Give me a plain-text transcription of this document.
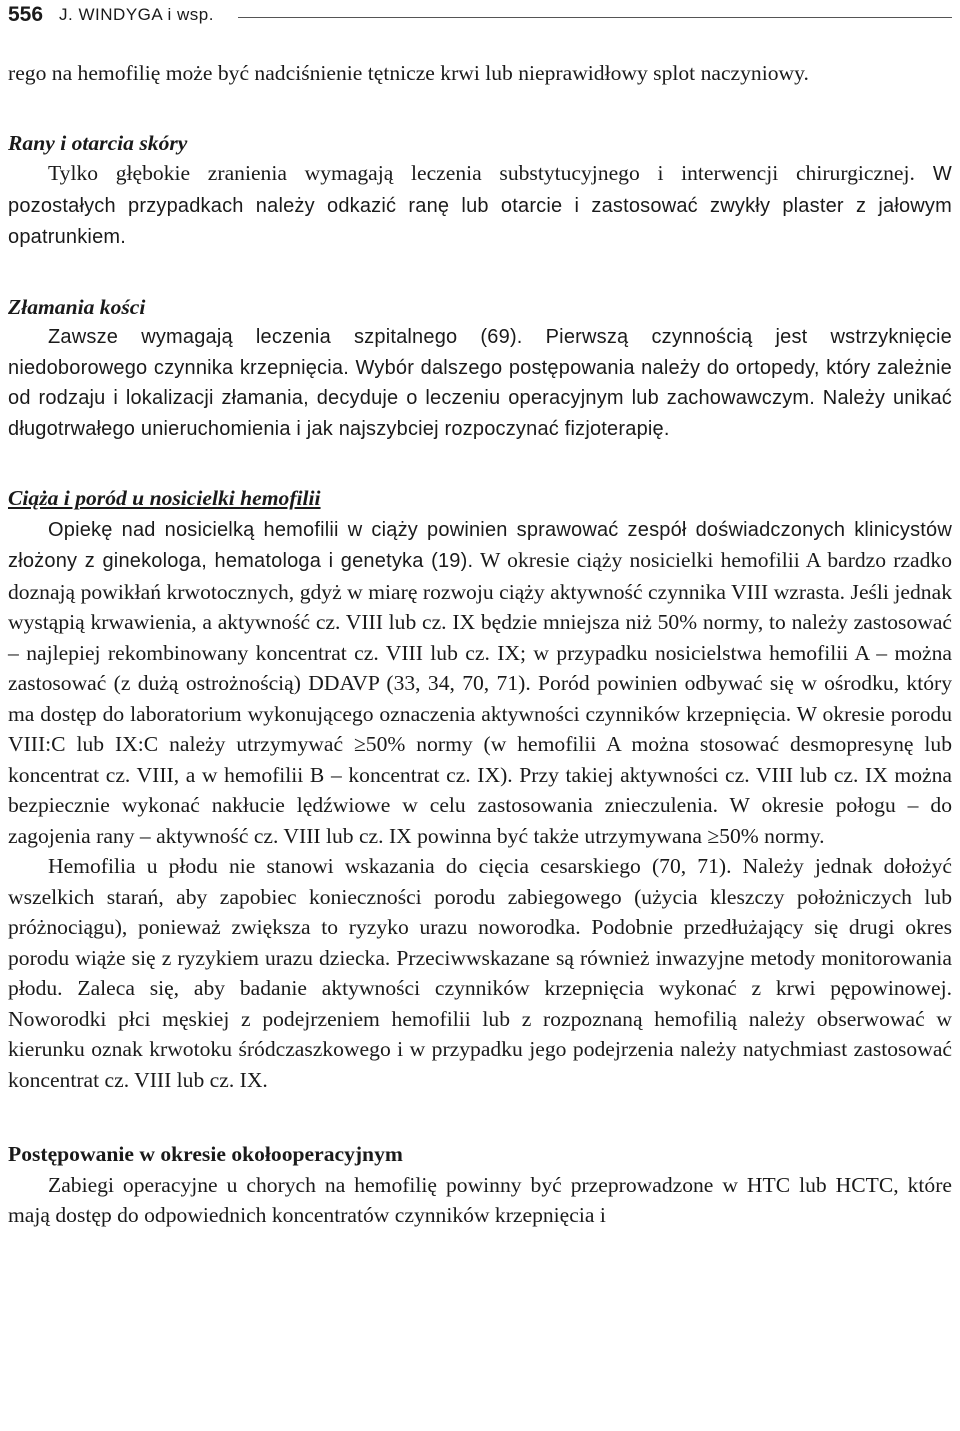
556 J. WINDYGA i wsp.

rego na hemofilię może być nadciśnienie tętnicze krwi lub nieprawidłowy splot naczyniowy.

Rany i otarcia skóry

Tylko głębokie zranienia wymagają leczenia substytucyjnego i interwencji chirurgicznej. W pozostałych przypadkach należy odkazić ranę lub otarcie i zastosować zwykły plaster z jałowym opatrunkiem.

Złamania kości

Zawsze wymagają leczenia szpitalnego (69). Pierwszą czynnością jest wstrzyknięcie niedoborowego czynnika krzepnięcia. Wybór dalszego postępowania należy do ortopedy, który zależnie od rodzaju i lokalizacji złamania, decyduje o leczeniu operacyjnym lub zachowawczym. Należy unikać długotrwałego unieruchomienia i jak najszybciej rozpoczynać fizjoterapię.

Ciąża i poród u nosicielki hemofilii

Opiekę nad nosicielką hemofilii w ciąży powinien sprawować zespół doświadczonych klinicystów złożony z ginekologa, hematologa i genetyka (19). W okresie ciąży nosicielki hemofilii A bardzo rzadko doznają powikłań krwotocznych, gdyż w miarę rozwoju ciąży aktywność czynnika VIII wzrasta. Jeśli jednak wystąpią krwawienia, a aktywność cz. VIII lub cz. IX będzie mniejsza niż 50% normy, to należy zastosować – najlepiej rekombinowany koncentrat cz. VIII lub cz. IX; w przypadku nosicielstwa hemofilii A – można zastosować (z dużą ostrożnością) DDAVP (33, 34, 70, 71). Poród powinien odbywać się w ośrodku, który ma dostęp do laboratorium wykonującego oznaczenia aktywności czynników krzepnięcia. W okresie porodu VIII:C lub IX:C należy utrzymywać ≥50% normy (w hemofilii A można stosować desmopresynę lub koncentrat cz. VIII, a w hemofilii B – koncentrat cz. IX). Przy takiej aktywności cz. VIII lub cz. IX można bezpiecznie wykonać nakłucie lędźwiowe w celu zastosowania znieczulenia. W okresie połogu – do zagojenia rany – aktywność cz. VIII lub cz. IX powinna być także utrzymywana ≥50% normy.

Hemofilia u płodu nie stanowi wskazania do cięcia cesarskiego (70, 71). Należy jednak dołożyć wszelkich starań, aby zapobiec konieczności porodu zabiegowego (użycia kleszczy położniczych lub próżnociągu), ponieważ zwiększa to ryzyko urazu noworodka. Podobnie przedłużający się drugi okres porodu wiąże się z ryzykiem urazu dziecka. Przeciwwskazane są również inwazyjne metody monitorowania płodu. Zaleca się, aby badanie aktywności czynników krzepnięcia wykonać z krwi pępowinowej. Noworodki płci męskiej z podejrzeniem hemofilii lub z rozpoznaną hemofilią należy obserwować w kierunku oznak krwotoku śródczaszkowego i w przypadku jego podejrzenia należy natychmiast zastosować koncentrat cz. VIII lub cz. IX.

Postępowanie w okresie okołooperacyjnym

Zabiegi operacyjne u chorych na hemofilię powinny być przeprowadzone w HTC lub HCTC, które mają dostęp do odpowiednich koncentratów czynników krzepnięcia i
